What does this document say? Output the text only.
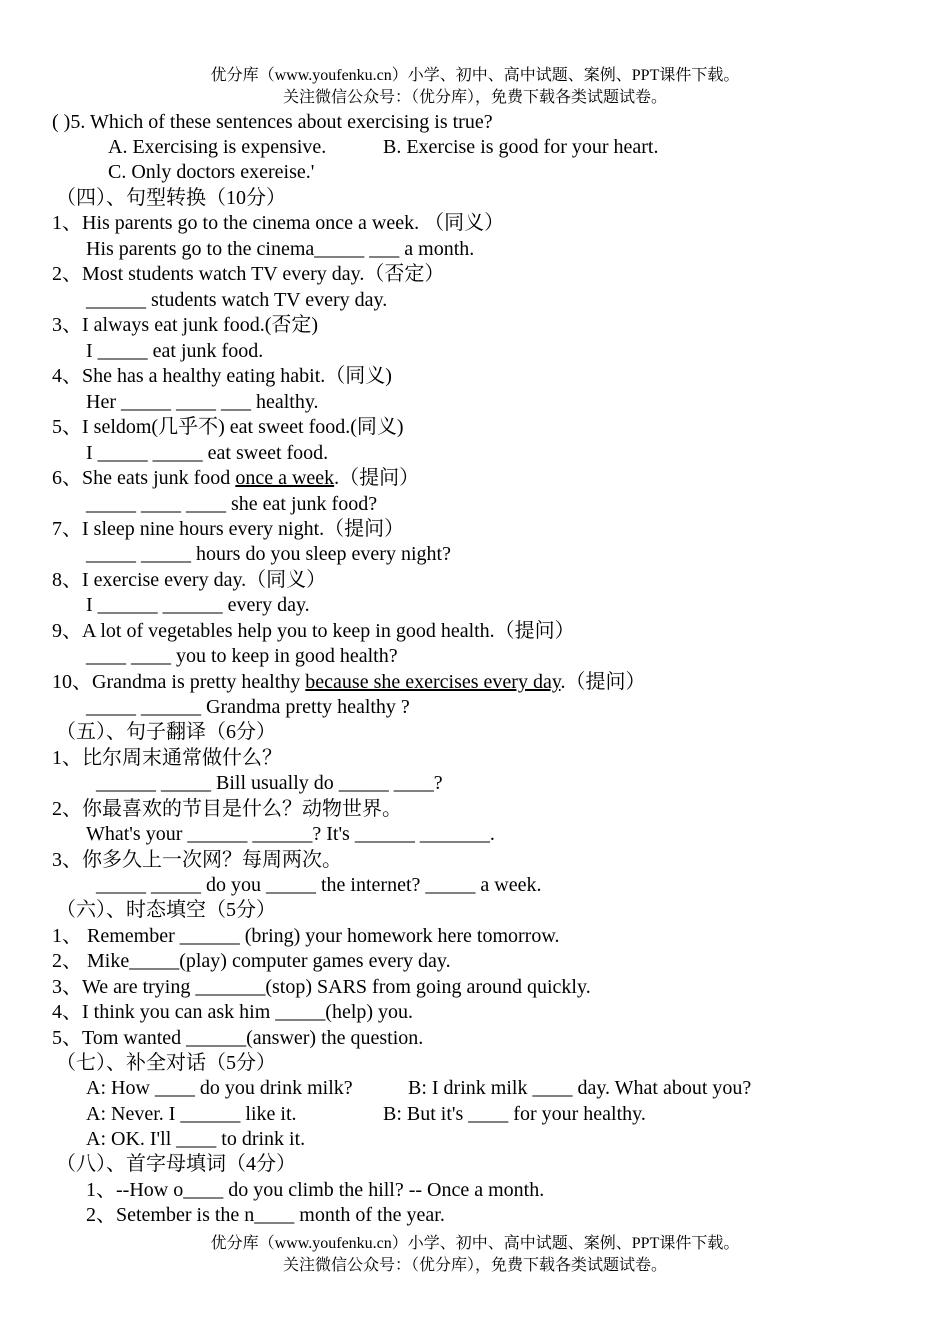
优分库（www.youfenku.cn）小学、初中、高中试题、案例、PPT课件下载。
关注微信公众号：（优分库），免费下载各类试题试卷。
( )5. Which of these sentences about exercising is true?
A. Exercising is expensive.	B. Exercise is good for your heart.
C. Only doctors exereise.'
（四）、句型转换（10分）
1、His parents go to the cinema once a week. （同义）
His parents go to the cinema_____ ___ a month.
2、Most students watch TV every day.（否定）
______ students watch TV every day.
3、I always eat junk food.(否定)
I _____ eat junk food.
4、She has a healthy eating habit.（同义)
Her _____ ____ ___ healthy.
5、I seldom(几乎不) eat sweet food.(同义)
I _____ _____ eat sweet food.
6、She eats junk food once a week.（提问）
_____ ____ ____ she eat junk food?
7、I sleep nine hours every night.（提问）
_____ _____ hours do you sleep every night?
8、I exercise every day.（同义）
I ______ ______ every day.
9、A lot of vegetables help you to keep in good health.（提问）
____ ____ you to keep in good health?
10、Grandma is pretty healthy because she exercises every day.（提问）
_____ ______ Grandma pretty healthy ?
（五）、句子翻译（6分）
1、比尔周末通常做什么？
______ _____ Bill usually do _____ ____?
2、你最喜欢的节目是什么？动物世界。
What's your ______ ______? It's ______ _______.
3、你多久上一次网？每周两次。
_____ _____ do you _____ the internet? _____ a week.
（六）、时态填空（5分）
1、 Remember ______ (bring) your homework here tomorrow.
2、 Mike_____(play) computer games every day.
3、We are trying _______(stop) SARS from going around quickly.
4、I think you can ask him _____(help) you.
5、Tom wanted ______(answer) the question.
（七）、补全对话（5分）
A: How ____ do you drink milk?	B: I drink milk ____ day. What about you?
A: Never. I ______ like it.	B: But it's ____ for your healthy.
A: OK. I'll ____ to drink it.
（八）、首字母填词（4分）
1、--How o____ do you climb the hill? -- Once a month.
2、Setember is the n____ month of the year.
优分库（www.youfenku.cn）小学、初中、高中试题、案例、PPT课件下载。
关注微信公众号：（优分库），免费下载各类试题试卷。
